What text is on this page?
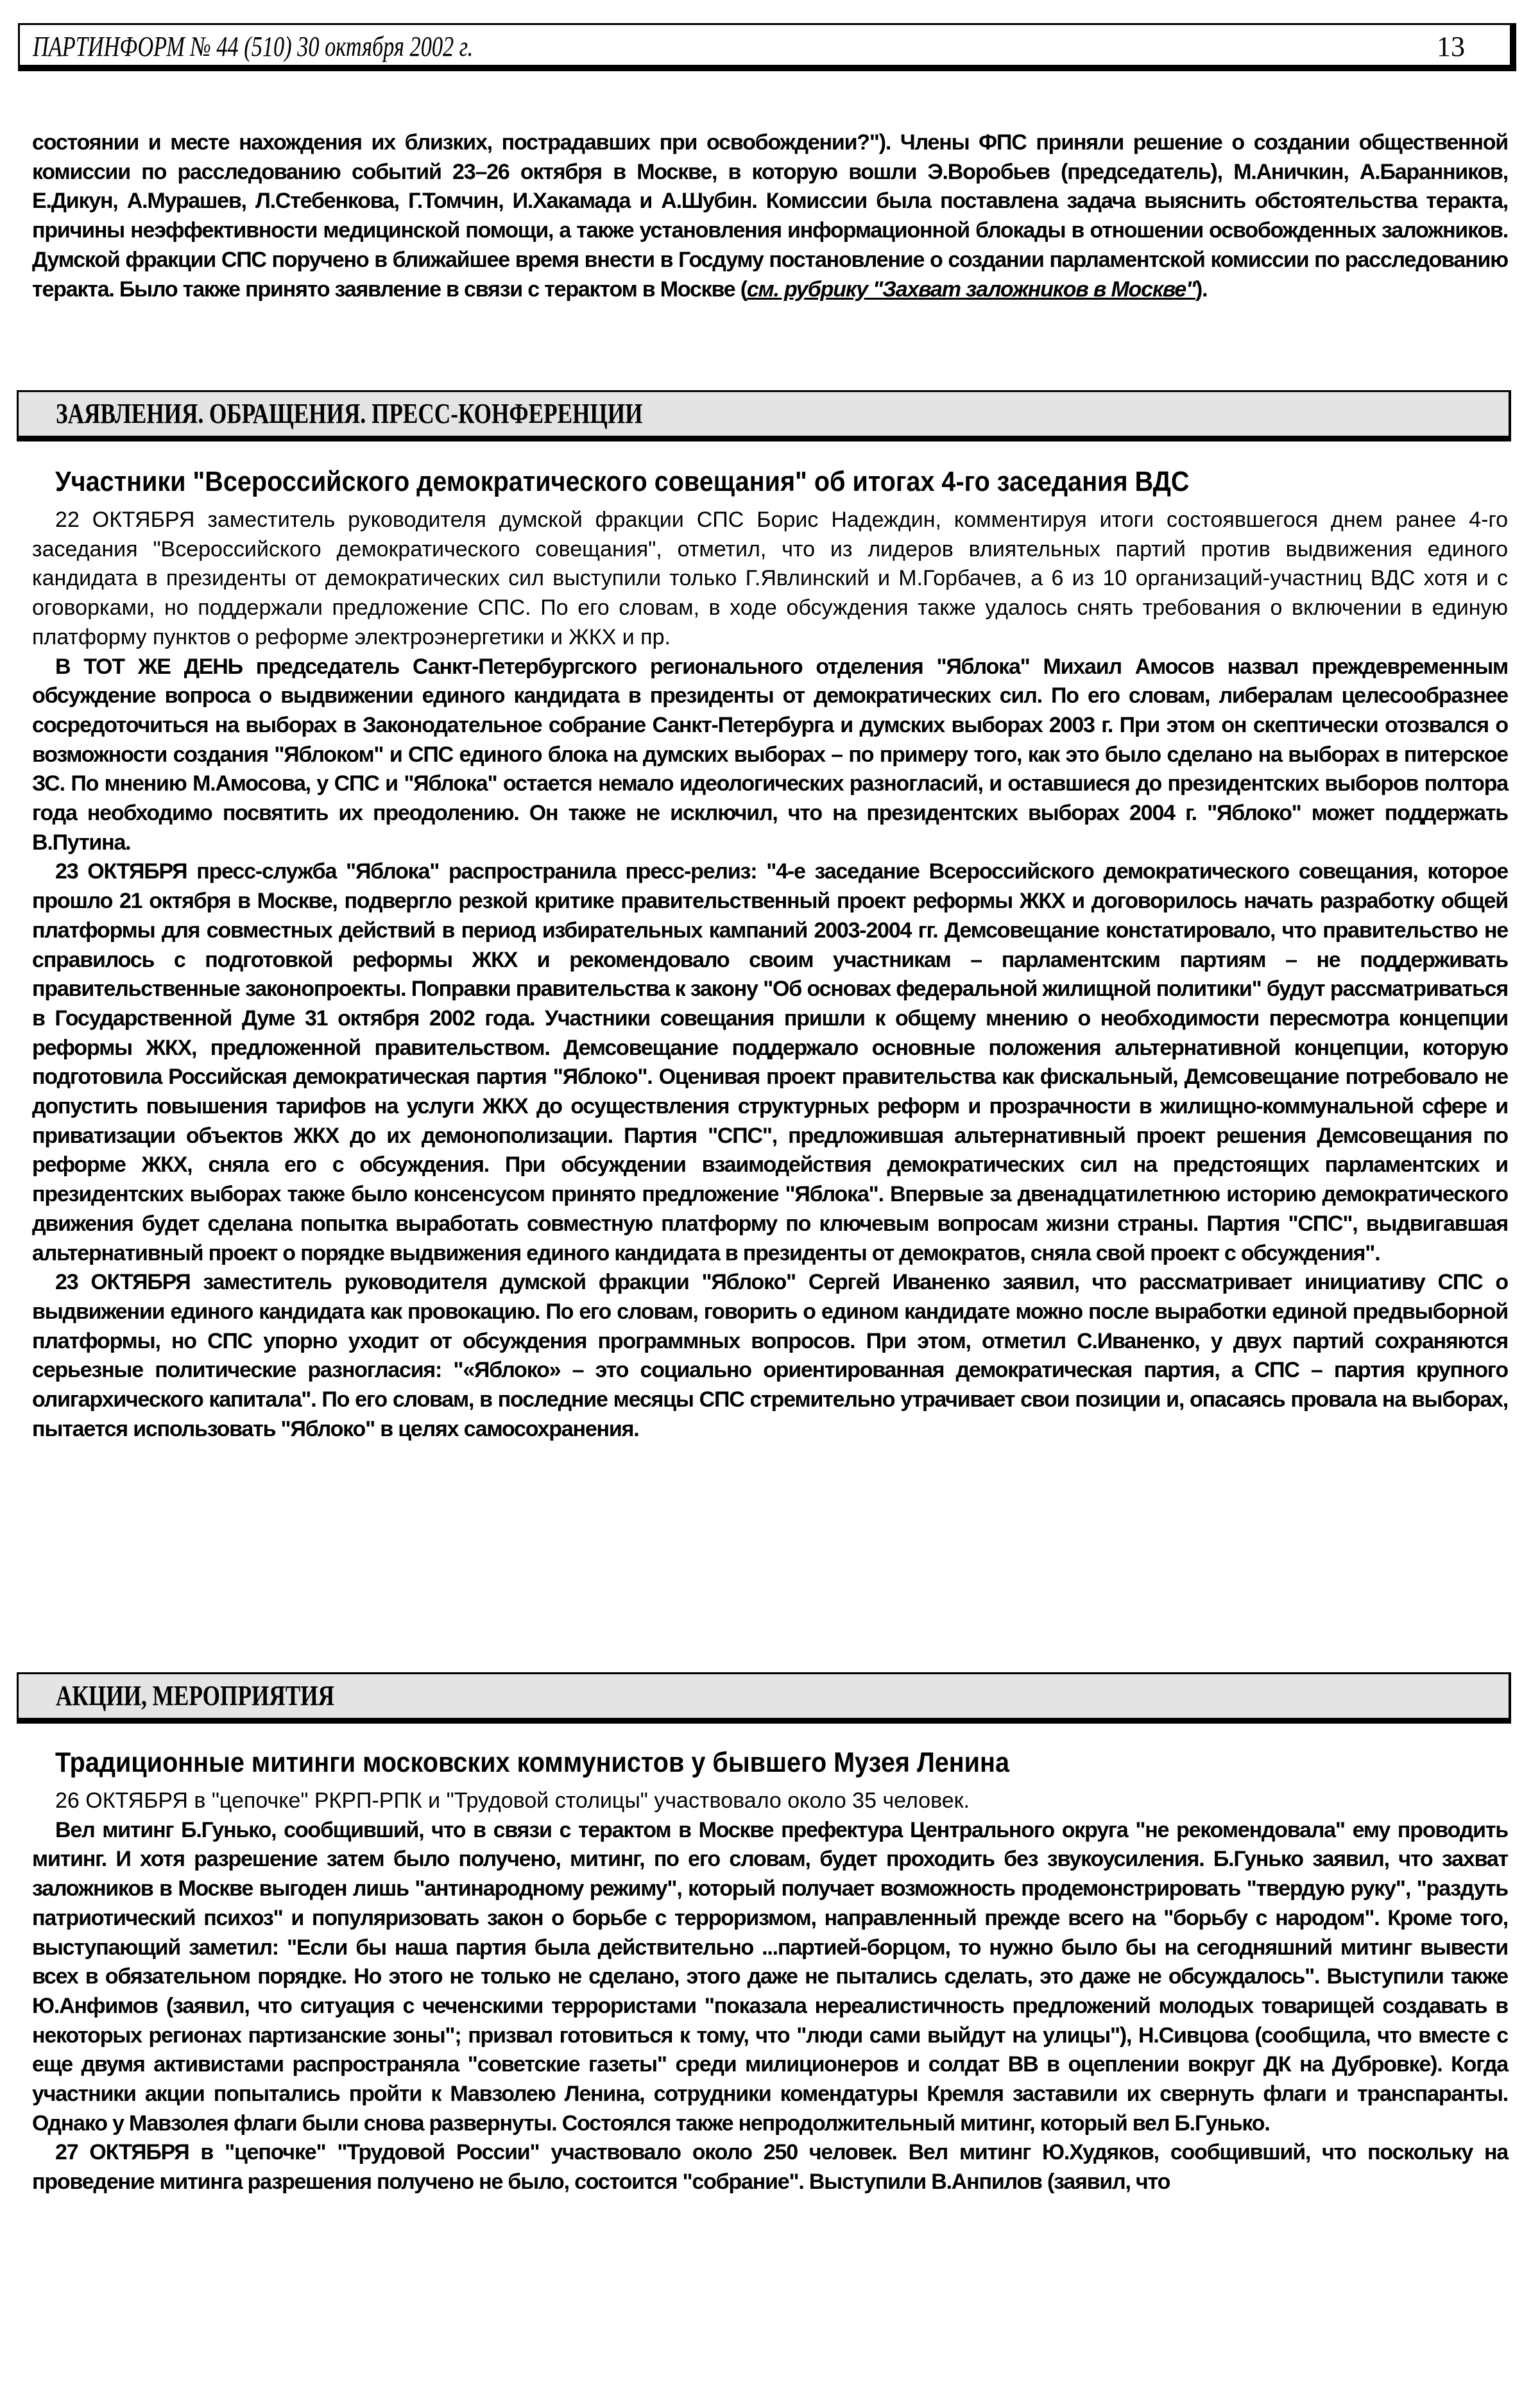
ПАРТИНФОРМ № 44 (510) 30 октября 2002 г.	13

состоянии и месте нахождения их близких, пострадавших при освобождении?"). Члены ФПС приняли решение о создании общественной комиссии по расследованию событий 23–26 октября в Москве, в которую вошли Э.Воробьев (председатель), М.Аничкин, А.Баранников, Е.Дикун, А.Мурашев, Л.Стебенкова, Г.Томчин, И.Хакамада и А.Шубин. Комиссии была поставлена задача выяснить обстоятельства теракта, причины неэффективности медицинской помощи, а также установления информационной блокады в отношении освобожденных заложников. Думской фракции СПС поручено в ближайшее время внести в Госдуму постановление о создании парламентской комиссии по расследованию теракта. Было также принято заявление в связи с терактом в Москве (см. рубрику "Захват заложников в Москве").

ЗАЯВЛЕНИЯ. ОБРАЩЕНИЯ. ПРЕСС-КОНФЕРЕНЦИИ
Участники "Всероссийского демократического совещания" об итогах 4-го заседания ВДС

22 ОКТЯБРЯ заместитель руководителя думской фракции СПС Борис Надеждин, комментируя итоги состоявшегося днем ранее 4-го заседания "Всероссийского демократического совещания", отметил, что из лидеров влиятельных партий против выдвижения единого кандидата в президенты от демократических сил выступили только Г.Явлинский и М.Горбачев, а 6 из 10 организаций-участниц ВДС хотя и с оговорками, но поддержали предложение СПС. По его словам, в ходе обсуждения также удалось снять требования о включении в единую платформу пунктов о реформе электроэнергетики и ЖКХ и пр.

В ТОТ ЖЕ ДЕНЬ председатель Санкт-Петербургского регионального отделения "Яблока" Михаил Амосов назвал преждевременным обсуждение вопроса о выдвижении единого кандидата в президенты от демократических сил. По его словам, либералам целесообразнее сосредоточиться на выборах в Законодательное собрание Санкт-Петербурга и думских выборах 2003 г. При этом он скептически отозвался о возможности создания "Яблоком" и СПС единого блока на думских выборах – по примеру того, как это было сделано на выборах в питерское ЗС. По мнению М.Амосова, у СПС и "Яблока" остается немало идеологических разногласий, и оставшиеся до президентских выборов полтора года необходимо посвятить их преодолению. Он также не исключил, что на президентских выборах 2004 г. "Яблоко" может поддержать В.Путина.

23 ОКТЯБРЯ пресс-служба "Яблока" распространила пресс-релиз: "4-е заседание Всероссийского демократического совещания, которое прошло 21 октября в Москве, подвергло резкой критике правительственный проект реформы ЖКХ и договорилось начать разработку общей платформы для совместных действий в период избирательных кампаний 2003-2004 гг. Демсовещание констатировало, что правительство не справилось с подготовкой реформы ЖКХ и рекомендовало своим участникам – парламентским партиям – не поддерживать правительственные законопроекты. Поправки правительства к закону "Об основах федеральной жилищной политики" будут рассматриваться в Государственной Думе 31 октября 2002 года. Участники совещания пришли к общему мнению о необходимости пересмотра концепции реформы ЖКХ, предложенной правительством. Демсовещание поддержало основные положения альтернативной концепции, которую подготовила Российская демократическая партия "Яблоко". Оценивая проект правительства как фискальный, Демсовещание потребовало не допустить повышения тарифов на услуги ЖКХ до осуществления структурных реформ и прозрачности в жилищно-коммунальной сфере и приватизации объектов ЖКХ до их демонополизации. Партия "СПС", предложившая альтернативный проект решения Демсовещания по реформе ЖКХ, сняла его с обсуждения. При обсуждении взаимодействия демократических сил на предстоящих парламентских и президентских выборах также было консенсусом принято предложение "Яблока". Впервые за двенадцатилетнюю историю демократического движения будет сделана попытка выработать совместную платформу по ключевым вопросам жизни страны. Партия "СПС", выдвигавшая альтернативный проект о порядке выдвижения единого кандидата в президенты от демократов, сняла свой проект с обсуждения".

23 ОКТЯБРЯ заместитель руководителя думской фракции "Яблоко" Сергей Иваненко заявил, что рассматривает инициативу СПС о выдвижении единого кандидата как провокацию. По его словам, говорить о едином кандидате можно после выработки единой предвыборной платформы, но СПС упорно уходит от обсуждения программных вопросов. При этом, отметил С.Иваненко, у двух партий сохраняются серьезные политические разногласия: "«Яблоко» – это социально ориентированная демократическая партия, а СПС – партия крупного олигархического капитала". По его словам, в последние месяцы СПС стремительно утрачивает свои позиции и, опасаясь провала на выборах, пытается использовать "Яблоко" в целях самосохранения.

АКЦИИ, МЕРОПРИЯТИЯ
Традиционные митинги московских коммунистов у бывшего Музея Ленина

26 ОКТЯБРЯ в "цепочке" РКРП-РПК и "Трудовой столицы" участвовало около 35 человек.

Вел митинг Б.Гунько, сообщивший, что в связи с терактом в Москве префектура Центрального округа "не рекомендовала" ему проводить митинг. И хотя разрешение затем было получено, митинг, по его словам, будет проходить без звукоусиления. Б.Гунько заявил, что захват заложников в Москве выгоден лишь "антинародному режиму", который получает возможность продемонстрировать "твердую руку", "раздуть патриотический психоз" и популяризовать закон о борьбе с терроризмом, направленный прежде всего на "борьбу с народом". Кроме того, выступающий заметил: "Если бы наша партия была действительно ...партией-борцом, то нужно было бы на сегодняшний митинг вывести всех в обязательном порядке. Но этого не только не сделано, этого даже не пытались сделать, это даже не обсуждалось". Выступили также Ю.Анфимов (заявил, что ситуация с чеченскими террористами "показала нереалистичность предложений молодых товарищей создавать в некоторых регионах партизанские зоны"; призвал готовиться к тому, что "люди сами выйдут на улицы"), Н.Сивцова (сообщила, что вместе с еще двумя активистами распространяла "советские газеты" среди милиционеров и солдат ВВ в оцеплении вокруг ДК на Дубровке). Когда участники акции попытались пройти к Мавзолею Ленина, сотрудники комендатуры Кремля заставили их свернуть флаги и транспаранты. Однако у Мавзолея флаги были снова развернуты. Состоялся также непродолжительный митинг, который вел Б.Гунько.

27 ОКТЯБРЯ в "цепочке" "Трудовой России" участвовало около 250 человек. Вел митинг Ю.Худяков, сообщивший, что поскольку на проведение митинга разрешения получено не было, состоится "собрание". Выступили В.Анпилов (заявил, что
